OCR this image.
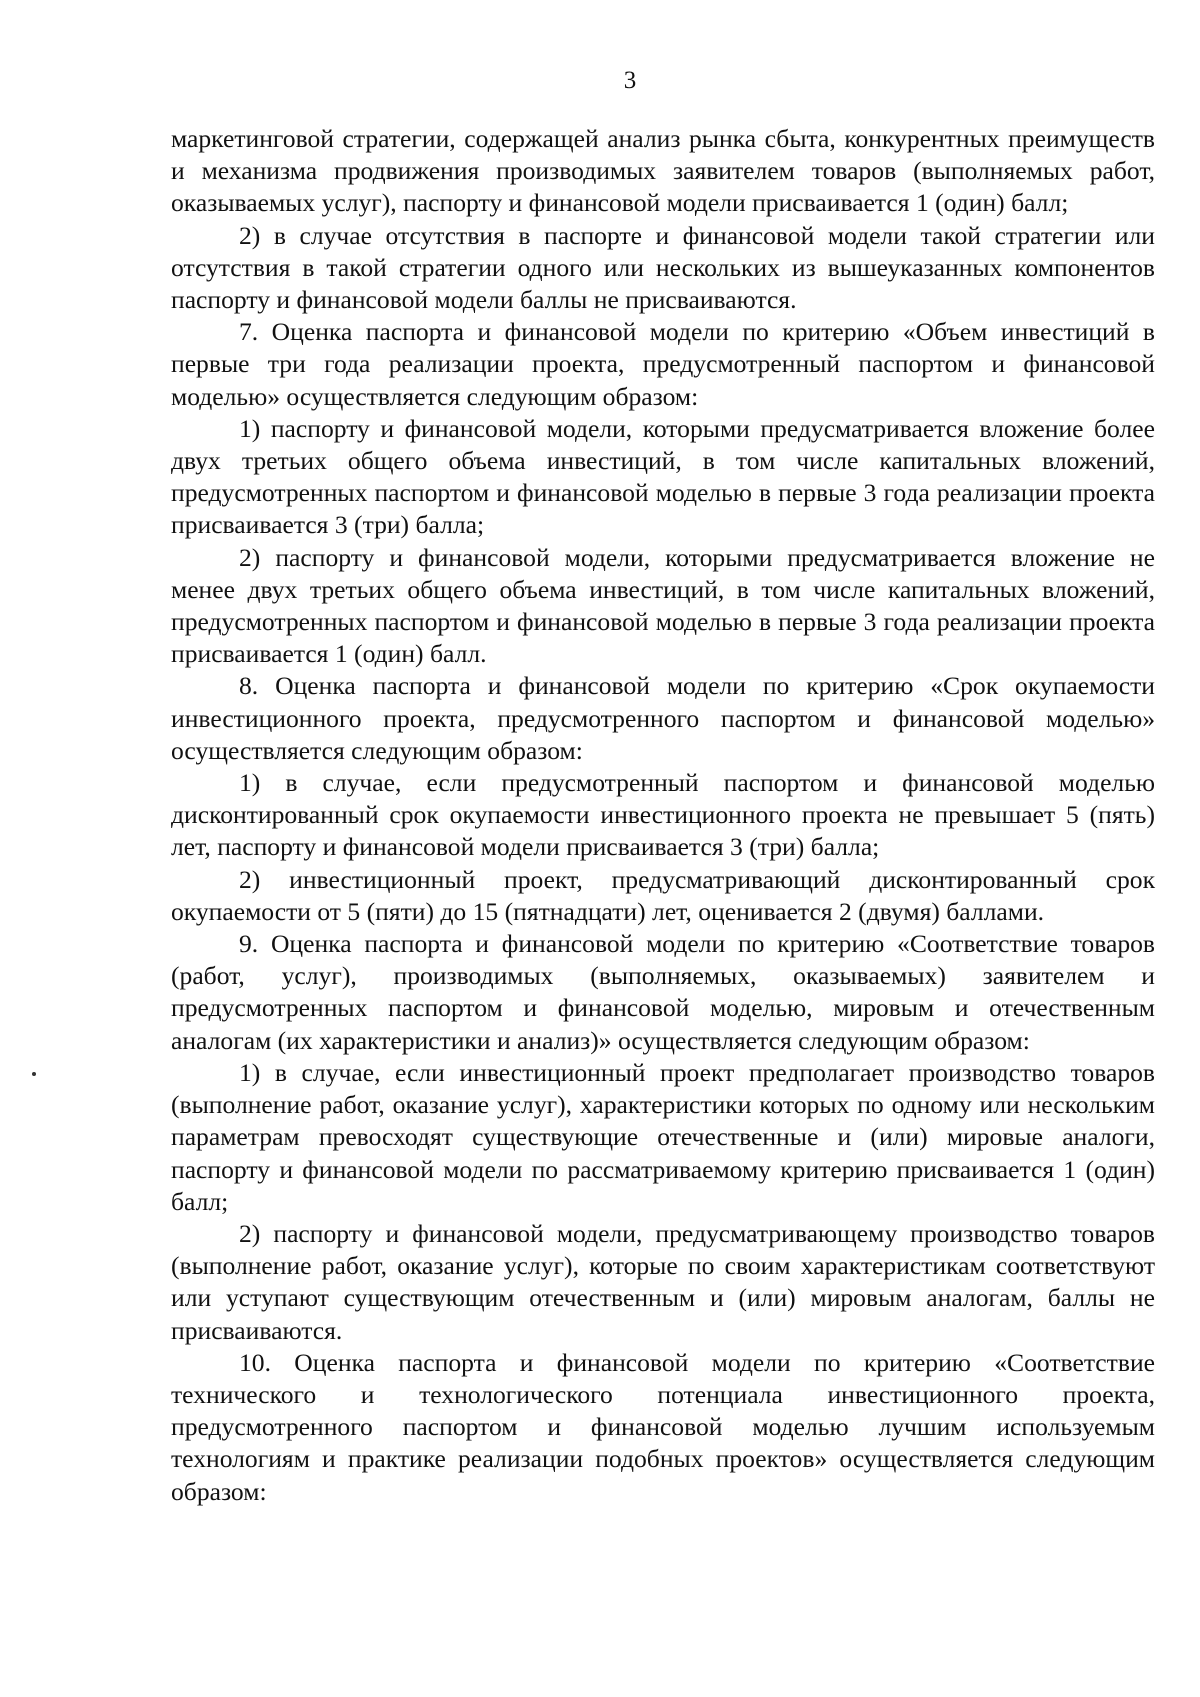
3

маркетинговой стратегии, содержащей анализ рынка сбыта, конкурентных преимуществ и механизма продвижения производимых заявителем товаров (выполняемых работ, оказываемых услуг), паспорту и финансовой модели присваивается 1 (один) балл;

2) в случае отсутствия в паспорте и финансовой модели такой стратегии или отсутствия в такой стратегии одного или нескольких из вышеуказанных компонентов паспорту и финансовой модели баллы не присваиваются.

7. Оценка паспорта и финансовой модели по критерию «Объем инвестиций в первые три года реализации проекта, предусмотренный паспортом и финансовой моделью» осуществляется следующим образом:

1) паспорту и финансовой модели, которыми предусматривается вложение более двух третьих общего объема инвестиций, в том числе капитальных вложений, предусмотренных паспортом и финансовой моделью в первые 3 года реализации проекта присваивается 3 (три) балла;

2) паспорту и финансовой модели, которыми предусматривается вложение не менее двух третьих общего объема инвестиций, в том числе капитальных вложений, предусмотренных паспортом и финансовой моделью в первые 3 года реализации проекта присваивается 1 (один) балл.

8. Оценка паспорта и финансовой модели по критерию «Срок окупаемости инвестиционного проекта, предусмотренного паспортом и финансовой моделью» осуществляется следующим образом:

1) в случае, если предусмотренный паспортом и финансовой моделью дисконтированный срок окупаемости инвестиционного проекта не превышает 5 (пять) лет, паспорту и финансовой модели присваивается 3 (три) балла;

2) инвестиционный проект, предусматривающий дисконтированный срок окупаемости от 5 (пяти) до 15 (пятнадцати) лет, оценивается 2 (двумя) баллами.

9. Оценка паспорта и финансовой модели по критерию «Соответствие товаров (работ, услуг), производимых (выполняемых, оказываемых) заявителем и предусмотренных паспортом и финансовой моделью, мировым и отечественным аналогам (их характеристики и анализ)» осуществляется следующим образом:

1) в случае, если инвестиционный проект предполагает производство товаров (выполнение работ, оказание услуг), характеристики которых по одному или нескольким параметрам превосходят существующие отечественные и (или) мировые аналоги, паспорту и финансовой модели по рассматриваемому критерию присваивается 1 (один) балл;

2) паспорту и финансовой модели, предусматривающему производство товаров (выполнение работ, оказание услуг), которые по своим характеристикам соответствуют или уступают существующим отечественным и (или) мировым аналогам, баллы не присваиваются.

10. Оценка паспорта и финансовой модели по критерию «Соответствие технического и технологического потенциала инвестиционного проекта, предусмотренного паспортом и финансовой моделью лучшим используемым технологиям и практике реализации подобных проектов» осуществляется следующим образом:
